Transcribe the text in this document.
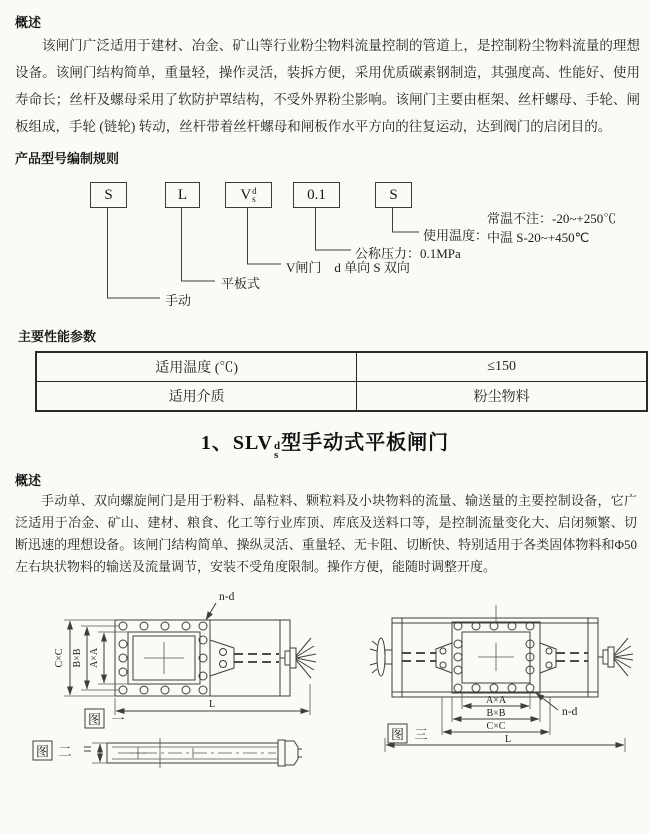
概述
该闸门广泛适用于建材、冶金、矿山等行业粉尘物料流量控制的管道上，是控制粉尘物料流量的理想设备。该闸门结构简单，重量轻，操作灵活，装拆方便，采用优质碳素钢制造，其强度高、性能好、使用寿命长；丝杆及螺母采用了软防护罩结构，不受外界粉尘影响。该闸门主要由框架、丝杆螺母、手轮、闸板组成，手轮 (链轮) 转动，丝杆带着丝杆螺母和闸板作水平方向的往复运动，达到阀门的启闭目的。
产品型号编制规则
S	L	V d
s	0.1	S
手动
平板式
V闸门　d 单向 S 双向
公称压力：0.1MPa
使用温度：
常温不注：-20~+250℃
中温 S-20~+450℃
主要性能参数
适用温度 (℃)	≤150
适用介质	粉尘物料
1、SLV d
s
型手动式平板闸门
概述
手动单、双向螺旋闸门是用于粉料、晶粒料、颗粒料及小块物料的流量、输送量的主要控制设备，它广泛适用于冶金、矿山、建材、粮食、化工等行业库顶、库底及送料口等，是控制流量变化大、启闭频繁、切断迅速的理想设备。该闸门结构简单、操纵灵活、重量轻、无卡阻、切断快、特别适用于各类固体物料和Φ50左右块状物料的输送及流量调节，安装不受角度限制。操作方便，能随时调整开度。
C×C B×B A×A
L
n-d
图 一
图 二
A×A
B×B
C×C
L
n-d
图 三
